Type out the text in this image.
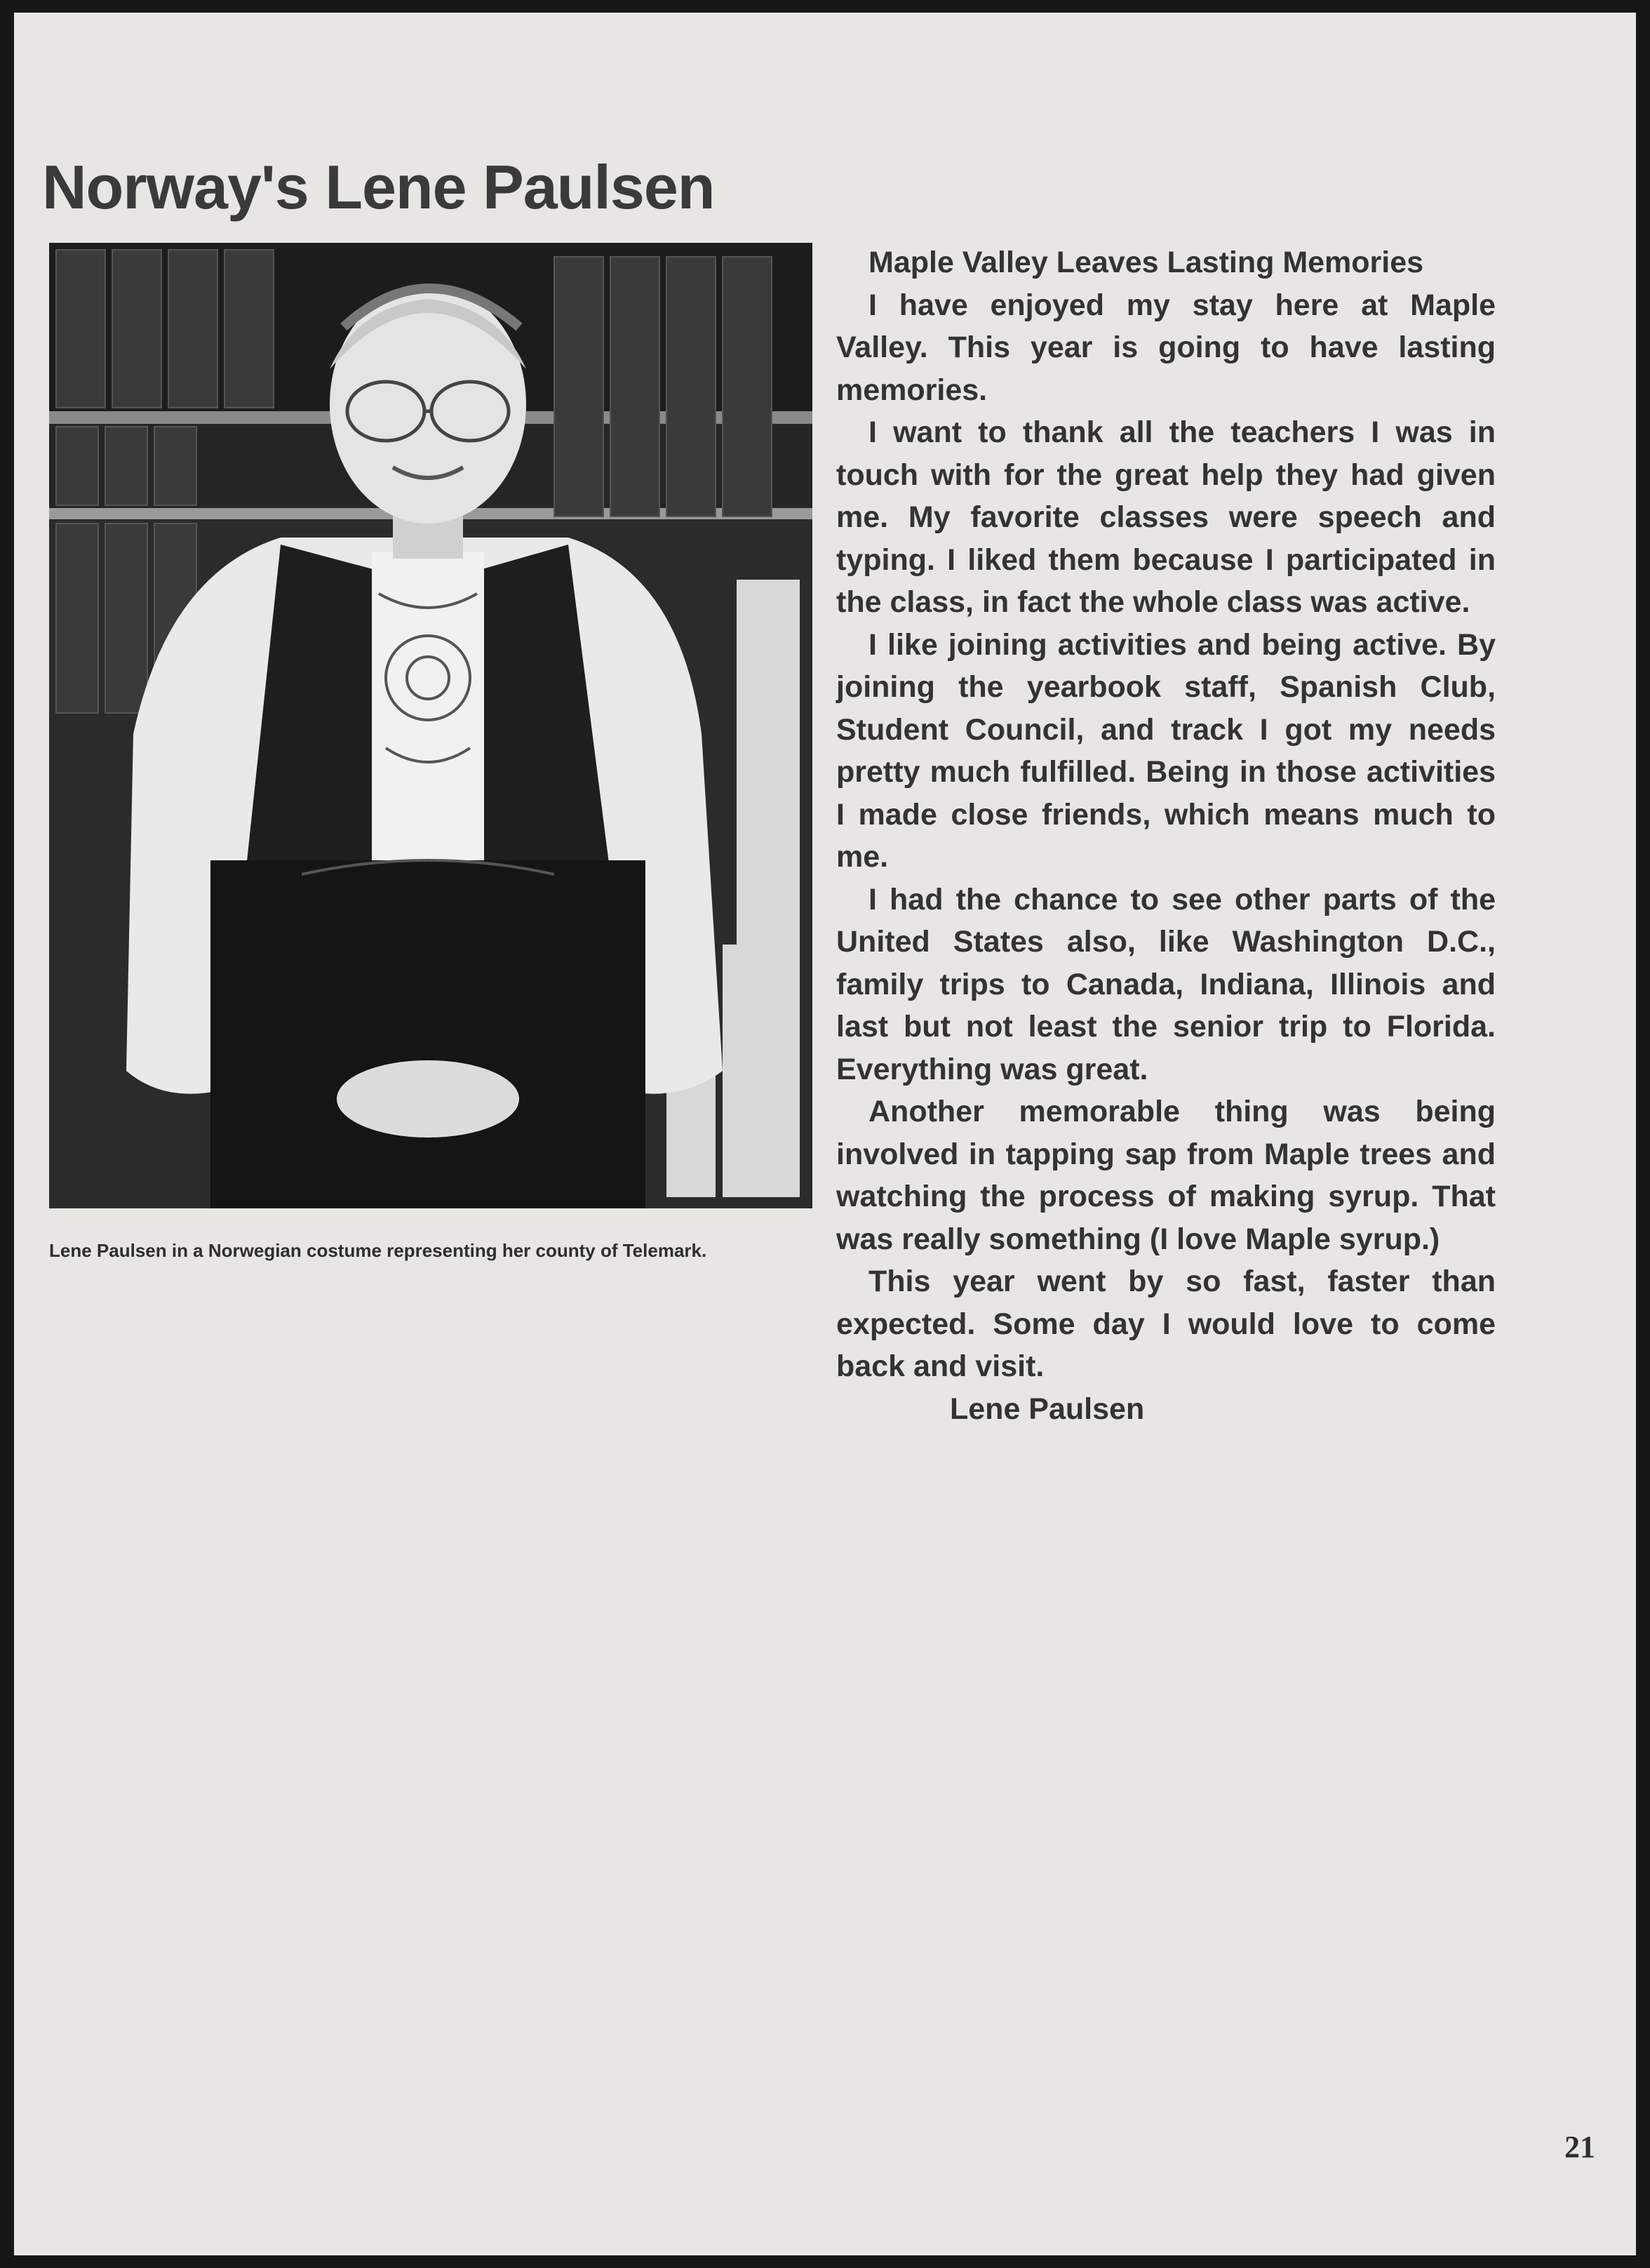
Norway's Lene Paulsen
Lene Paulsen in a Norwegian costume representing her county of Telemark.

Maple Valley Leaves Lasting Memories

I have enjoyed my stay here at Maple Valley. This year is going to have lasting memories.

I want to thank all the teachers I was in touch with for the great help they had given me. My favorite classes were speech and typing. I liked them because I participated in the class, in fact the whole class was active.

I like joining activities and being active. By joining the yearbook staff, Spanish Club, Student Council, and track I got my needs pretty much fulfilled. Being in those activities I made close friends, which means much to me.

I had the chance to see other parts of the United States also, like Washington D.C., family trips to Canada, Indiana, Illinois and last but not least the senior trip to Florida. Everything was great.

Another memorable thing was being involved in tapping sap from Maple trees and watching the process of making syrup. That was really something (I love Maple syrup.)

This year went by so fast, faster than expected. Some day I would love to come back and visit.

Lene Paulsen
21
